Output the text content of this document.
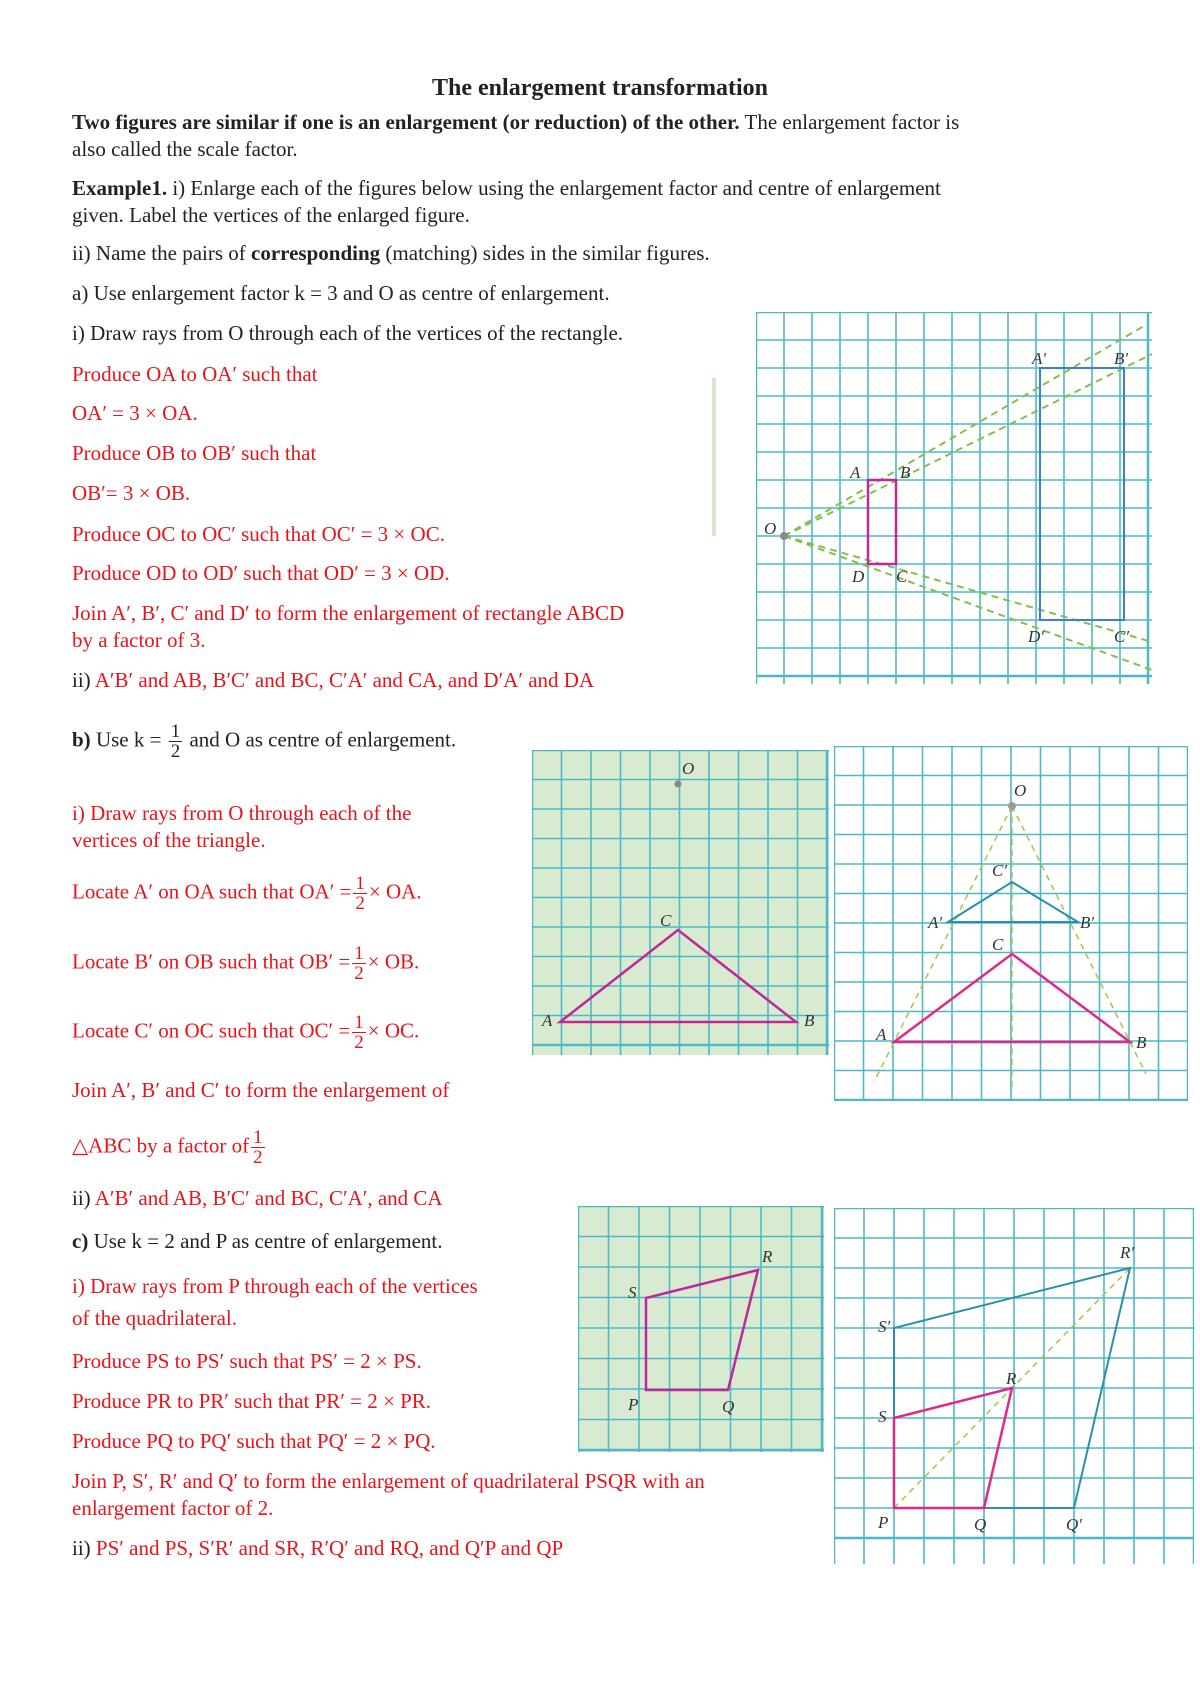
The enlargement transformation
Two figures are similar if one is an enlargement (or reduction) of the other. The enlargement factor is
also called the scale factor.
Example1. i) Enlarge each of the figures below using the enlargement factor and centre of enlargement
given. Label the vertices of the enlarged figure.
ii) Name the pairs of corresponding (matching) sides in the similar figures.
a) Use enlargement factor k = 3 and O as centre of enlargement.
i) Draw rays from O through each of the vertices of the rectangle.
Produce OA to OA′ such that
OA′ = 3 × OA.
Produce OB to OB′ such that
OB′= 3 × OB.
Produce OC to OC′ such that OC′ = 3 × OC.
Produce OD to OD′ such that OD′ = 3 × OD.
Join A′, B′, C′ and D′ to form the enlargement of rectangle ABCD
by a factor of 3.
ii) A′B′ and AB, B′C′ and BC, C′A′ and CA, and D′A′ and DA
b) Use $k = \frac{1}{2}$ and O as centre of enlargement.
i) Draw rays from O through each of the
vertices of the triangle.
Locate A′ on OA such that $OA' = \frac{1}{2}$ × OA.
Locate B′ on OB such that $OB' = \frac{1}{2}$ × OB.
Locate C′ on OC such that $OC' = \frac{1}{2}$ × OC.
Join A′, B′ and C′ to form the enlargement of
△ABC by a factor of $\frac{1}{2}$
ii) A′B′ and AB, B′C′ and BC, C′A′, and CA
c) Use k = 2 and P as centre of enlargement.
i) Draw rays from P through each of the vertices
of the quadrilateral.
Produce PS to PS′ such that PS′ = 2 × PS.
Produce PR to PR′ such that PR′ = 2 × PR.
Produce PQ to PQ′ such that PQ′ = 2 × PQ.
Join P, S′, R′ and Q′ to form the enlargement of quadrilateral PSQR with an
enlargement factor of 2.
ii) PS′ and PS, S′R′ and SR, R′Q′ and RQ, and Q′P and QP
O
A B
D C
A′	B′
D′	C′
O
C
A	B
O
C′
A′	B′
C
A	B
S
R
P	Q
S′
R′
S
R
P	Q	Q′
